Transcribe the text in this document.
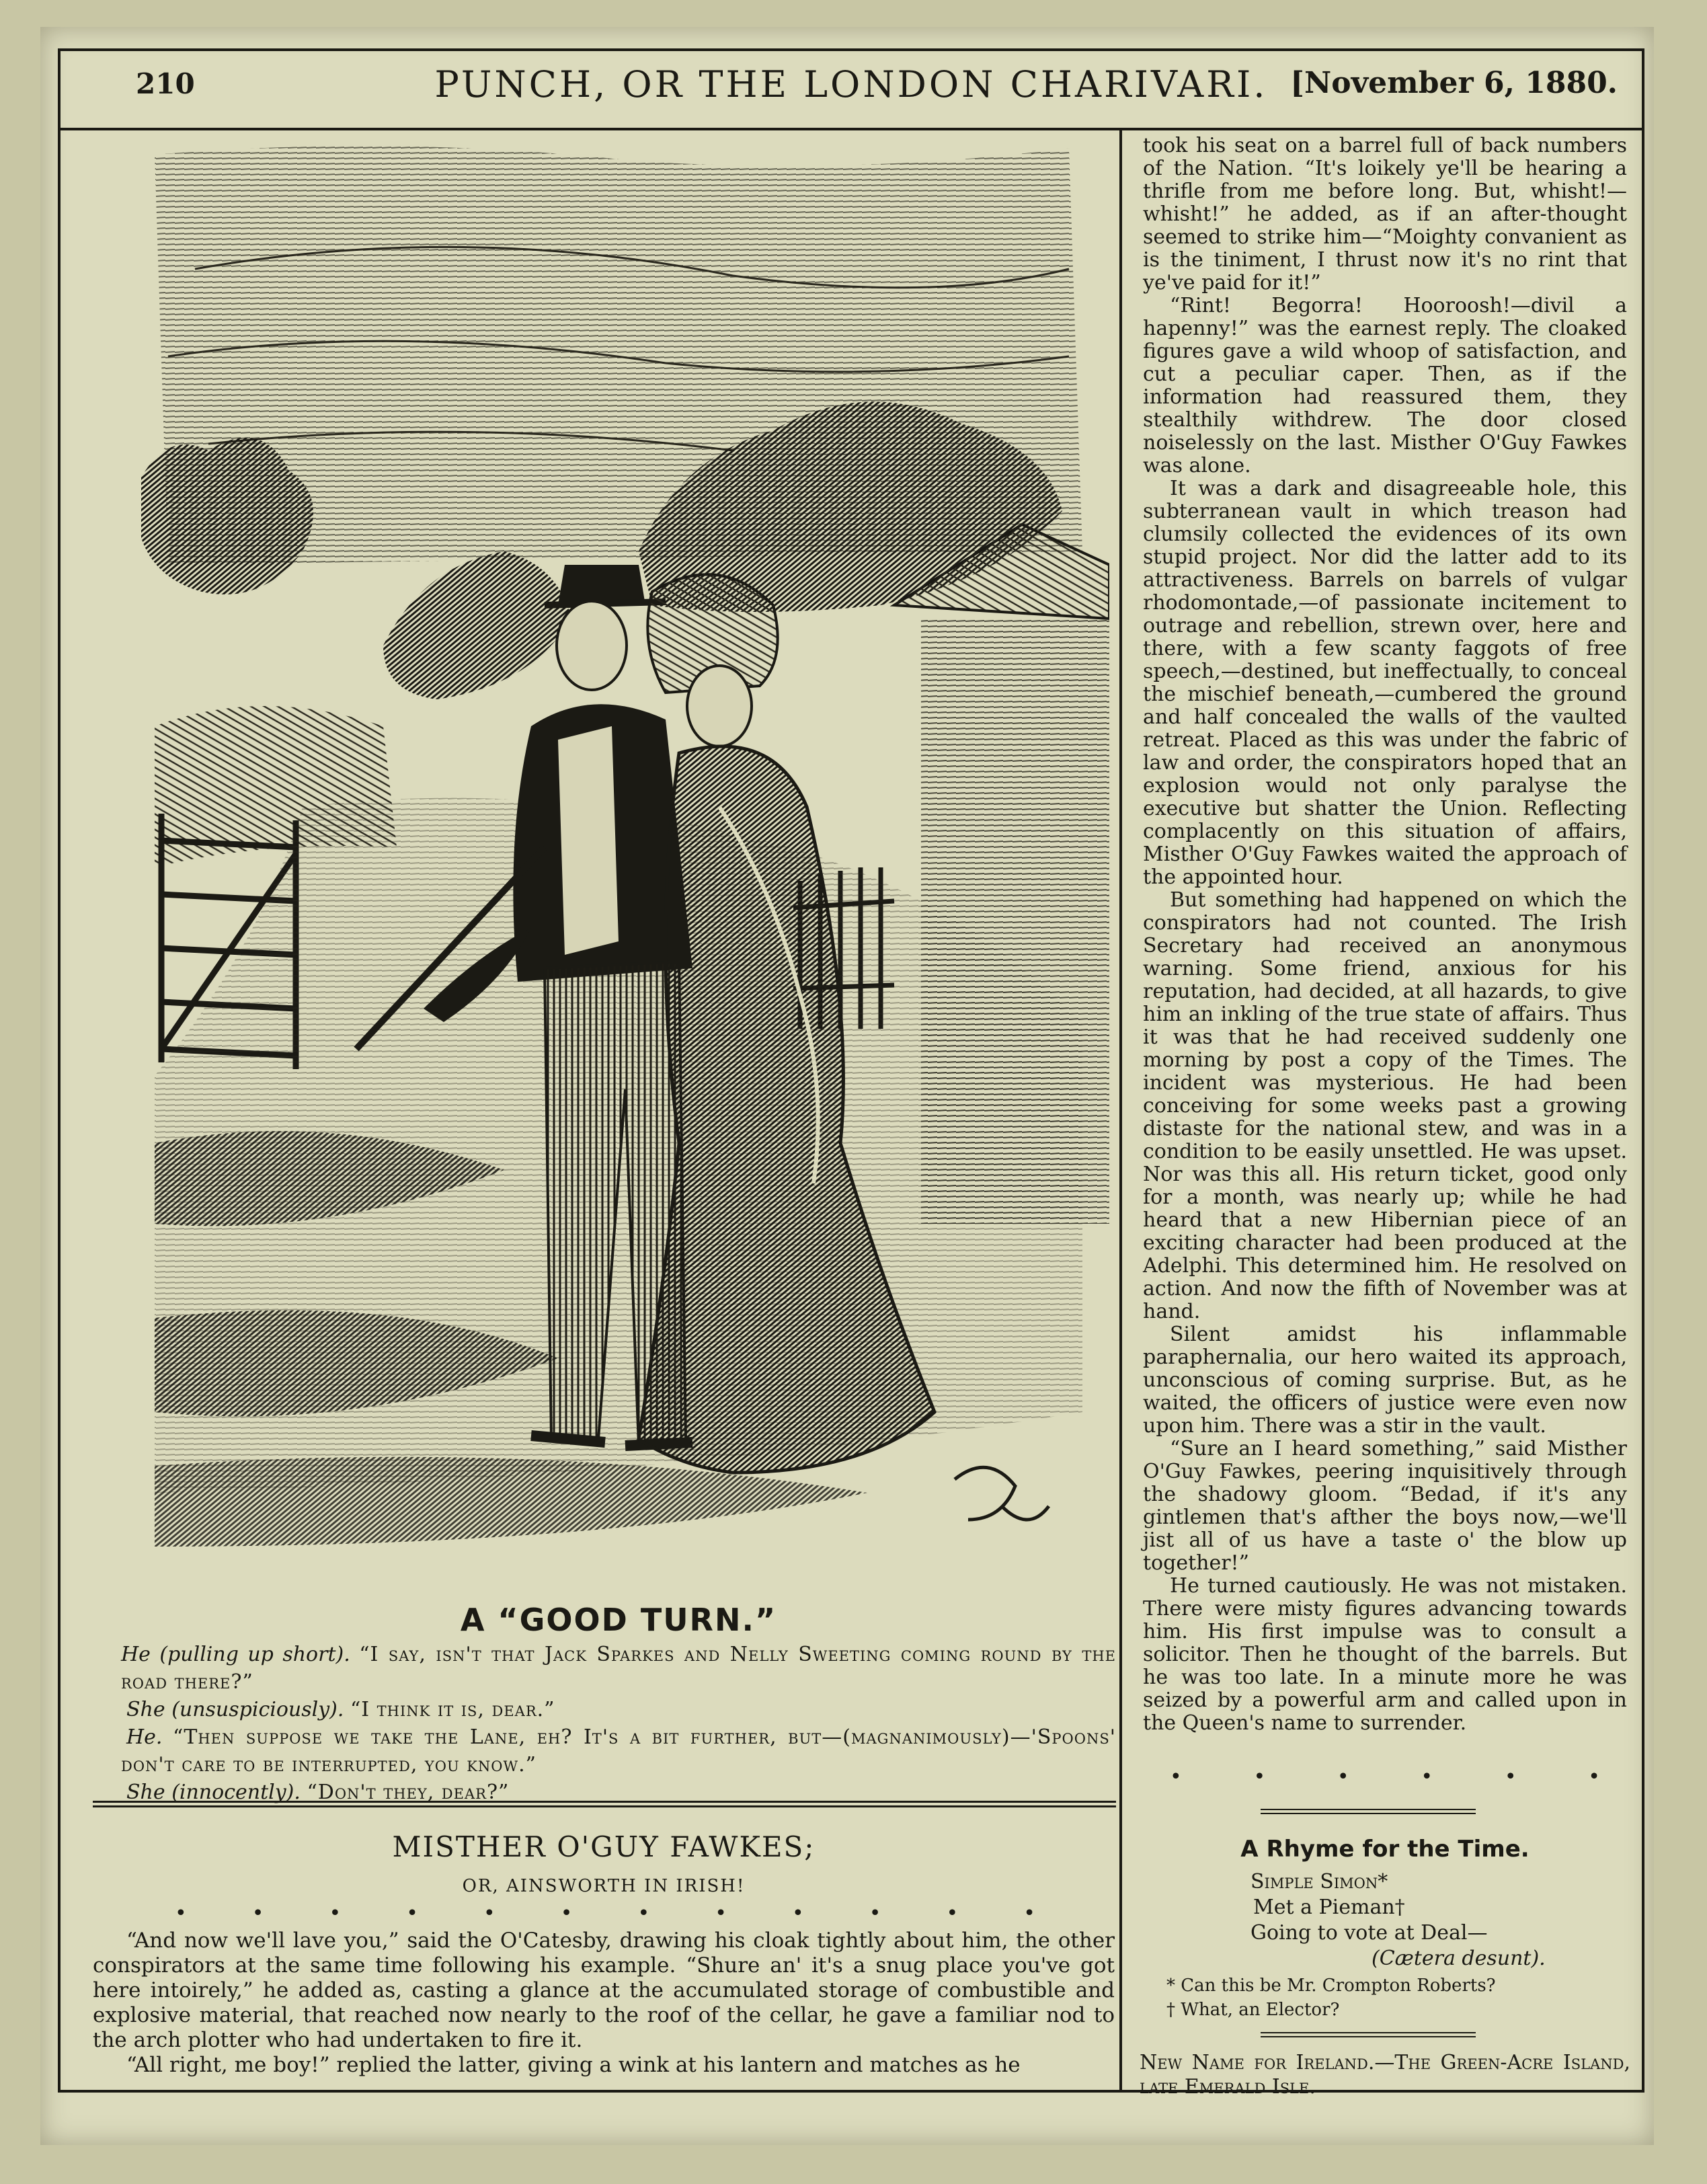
210	PUNCH, OR THE LONDON CHARIVARI. [November 6, 1880.
A “GOOD TURN.”

He (pulling up short). “I say, isn't that Jack Sparkes and Nelly Sweeting coming round by the road there?”

She (unsuspiciously). “I think it is, dear.”

He. “Then suppose we take the Lane, eh? It's a bit further, but—(magnanimously)—'Spoons' don't care to be interrupted, you know.”

She (innocently). “Don't they, dear?”

MISTHER O'GUY FAWKES;
OR, AINSWORTH IN IRISH!
•	•	•	•	•	•	•	•	•	•	•	•

“And now we'll lave you,” said the O'Catesby, drawing his cloak tightly about him, the other conspirators at the same time following his example. “Shure an' it's a snug place you've got here intoirely,” he added as, casting a glance at the accumulated storage of combustible and explosive material, that reached now nearly to the roof of the cellar, he gave a familiar nod to the arch plotter who had undertaken to fire it.

“All right, me boy!” replied the latter, giving a wink at his lantern and matches as he

took his seat on a barrel full of back numbers of the Nation. “It's loikely ye'll be hearing a thrifle from me before long. But, whisht!—whisht!” he added, as if an after-thought seemed to strike him—“Moighty convanient as is the tiniment, I thrust now it's no rint that ye've paid for it!”

“Rint! Begorra! Hooroosh!—divil a hapenny!” was the earnest reply. The cloaked figures gave a wild whoop of satisfaction, and cut a peculiar caper. Then, as if the information had reassured them, they stealthily withdrew. The door closed noiselessly on the last. Misther O'Guy Fawkes was alone.

It was a dark and disagreeable hole, this subterranean vault in which treason had clumsily collected the evidences of its own stupid project. Nor did the latter add to its attractiveness. Barrels on barrels of vulgar rhodomontade,—of passionate incitement to outrage and rebellion, strewn over, here and there, with a few scanty faggots of free speech,—destined, but ineffectually, to conceal the mischief beneath,—cumbered the ground and half concealed the walls of the vaulted retreat. Placed as this was under the fabric of law and order, the conspirators hoped that an explosion would not only paralyse the executive but shatter the Union. Reflecting complacently on this situation of affairs, Misther O'Guy Fawkes waited the approach of the appointed hour.

But something had happened on which the conspirators had not counted. The Irish Secretary had received an anonymous warning. Some friend, anxious for his reputation, had decided, at all hazards, to give him an inkling of the true state of affairs. Thus it was that he had received suddenly one morning by post a copy of the Times. The incident was mysterious. He had been conceiving for some weeks past a growing distaste for the national stew, and was in a condition to be easily unsettled. He was upset. Nor was this all. His return ticket, good only for a month, was nearly up; while he had heard that a new Hibernian piece of an exciting character had been produced at the Adelphi. This determined him. He resolved on action. And now the fifth of November was at hand.

Silent amidst his inflammable paraphernalia, our hero waited its approach, unconscious of coming surprise. But, as he waited, the officers of justice were even now upon him. There was a stir in the vault.

“Sure an I heard something,” said Misther O'Guy Fawkes, peering inquisitively through the shadowy gloom. “Bedad, if it's any gintlemen that's afther the boys now,—we'll jist all of us have a taste o' the blow up together!”

He turned cautiously. He was not mistaken. There were misty figures advancing towards him. His first impulse was to consult a solicitor. Then he thought of the barrels. But he was too late. In a minute more he was seized by a powerful arm and called upon in the Queen's name to surrender.

•	•	•	•	•	•
A Rhyme for the Time.
Simple Simon*
Met a Pieman†
Going to vote at Deal—
(Cætera desunt).
* Can this be Mr. Crompton Roberts?
† What, an Elector?
New Name for Ireland.—The Green-Acre Island, late Emerald Isle.
